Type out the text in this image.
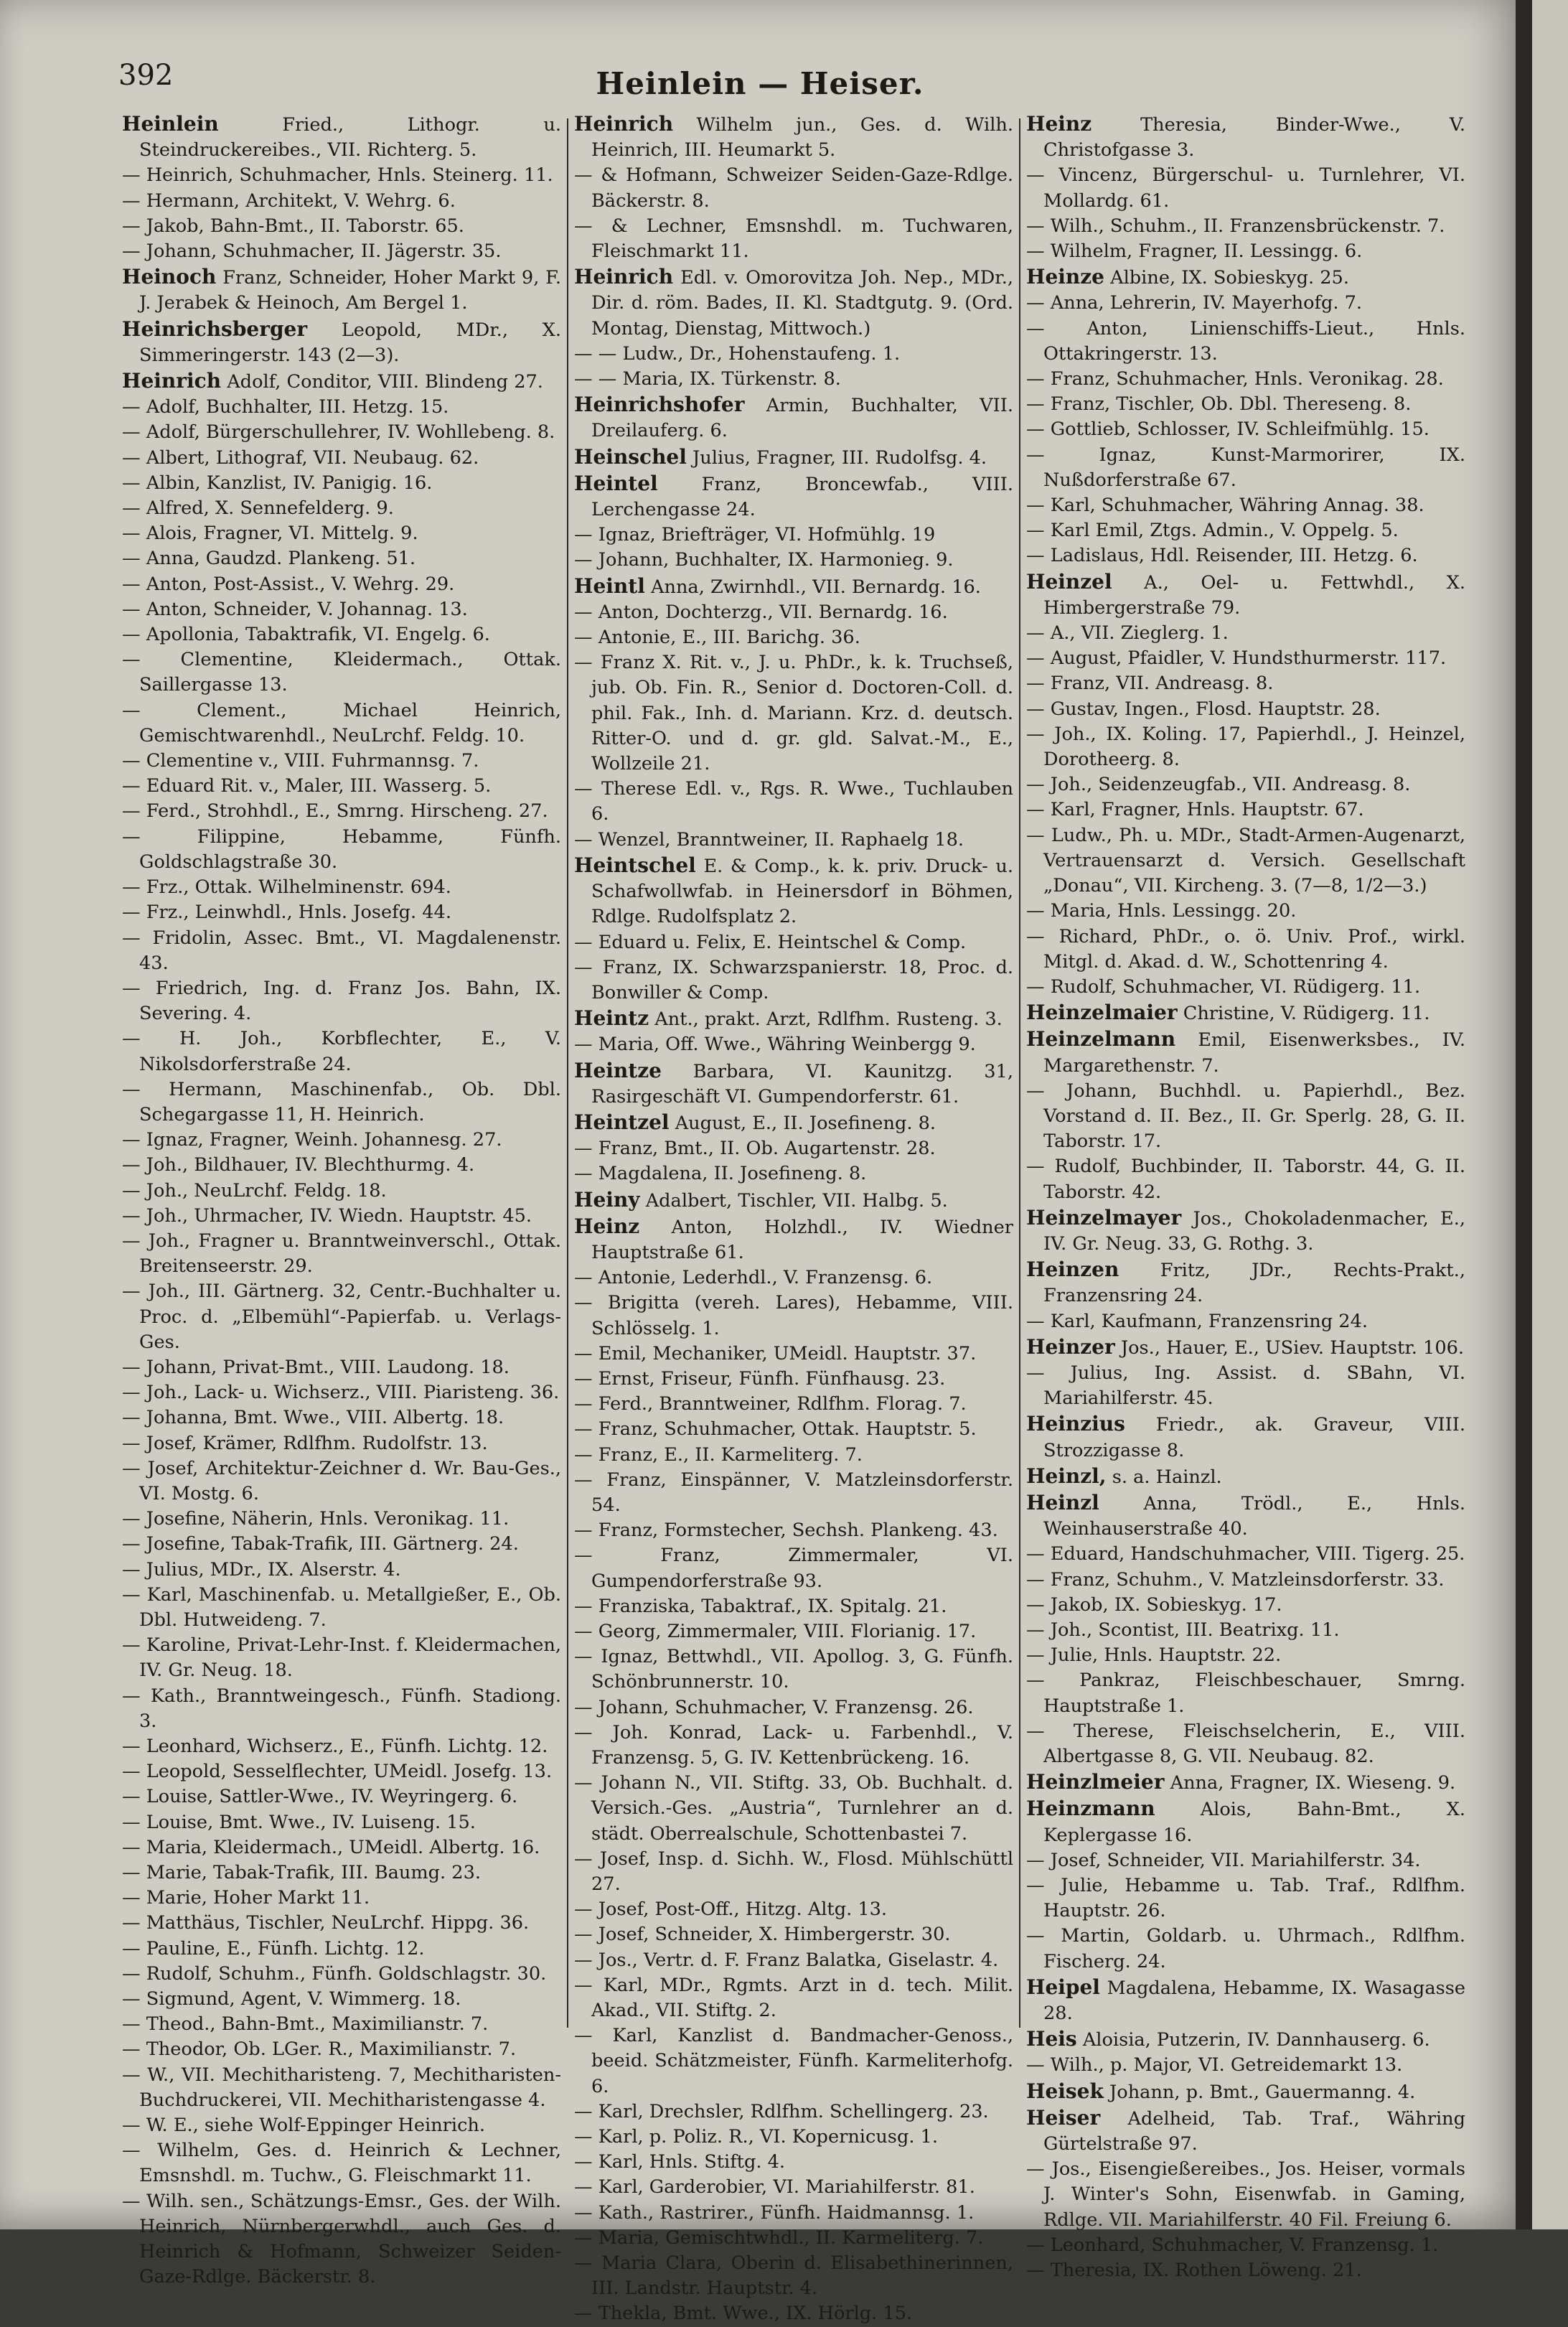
392	Heinlein — Heiser.
Heinlein	Fried., Lithogr. u. Steindruckereibes., VII. Richterg. 5.
— Heinrich, Schuhmacher, Hnls. Steinerg. 11.
— Hermann, Architekt, V. Wehrg. 6.
— Jakob, Bahn-Bmt., II. Taborstr. 65.
— Johann, Schuhmacher, II. Jägerstr. 35.
Heinoch Franz, Schneider, Hoher Markt 9, F. J. Jerabek & Heinoch, Am Bergel 1.
Heinrichsberger Leopold, MDr., X. Simmeringerstr. 143 (2—3).
Heinrich Adolf, Conditor, VIII. Blindeng 27.
— Adolf, Buchhalter, III. Hetzg. 15.
— Adolf, Bürgerschullehrer, IV. Wohllebeng. 8.
— Albert, Lithograf, VII. Neubaug. 62.
— Albin, Kanzlist, IV. Panigig. 16.
— Alfred, X. Sennefelderg. 9.
— Alois, Fragner, VI. Mittelg. 9.
— Anna, Gaudzd. Plankeng. 51.
— Anton, Post-Assist., V. Wehrg. 29.
— Anton, Schneider, V. Johannag. 13.
— Apollonia, Tabaktrafik, VI. Engelg. 6.
— Clementine, Kleidermach., Ottak. Saillergasse 13.
— Clement., Michael Heinrich, Gemischtwarenhdl., NeuLrchf. Feldg. 10.
— Clementine v., VIII. Fuhrmannsg. 7.
— Eduard Rit. v., Maler, III. Wasserg. 5.
— Ferd., Strohhdl., E., Smrng. Hirscheng. 27.
— Filippine, Hebamme, Fünfh. Goldschlagstraße 30.
— Frz., Ottak. Wilhelminenstr. 694.
— Frz., Leinwhdl., Hnls. Josefg. 44.
— Fridolin, Assec. Bmt., VI. Magdalenenstr. 43.
— Friedrich, Ing. d. Franz Jos. Bahn, IX. Severing. 4.
— H. Joh., Korbflechter, E., V. Nikolsdorferstraße 24.
— Hermann, Maschinenfab., Ob. Dbl. Schegargasse 11, H. Heinrich.
— Ignaz, Fragner, Weinh. Johannesg. 27.
— Joh., Bildhauer, IV. Blechthurmg. 4.
— Joh., NeuLrchf. Feldg. 18.
— Joh., Uhrmacher, IV. Wiedn. Hauptstr. 45.
— Joh., Fragner u. Branntweinverschl., Ottak. Breitenseerstr. 29.
— Joh., III. Gärtnerg. 32, Centr.-Buchhalter u. Proc. d. „Elbemühl“-Papierfab. u. Verlags-Ges.
— Johann, Privat-Bmt., VIII. Laudong. 18.
— Joh., Lack- u. Wichserz., VIII. Piaristeng. 36.
— Johanna, Bmt. Wwe., VIII. Albertg. 18.
— Josef, Krämer, Rdlfhm. Rudolfstr. 13.
— Josef, Architektur-Zeichner d. Wr. Bau-Ges., VI. Mostg. 6.
— Josefine, Näherin, Hnls. Veronikag. 11.
— Josefine, Tabak-Trafik, III. Gärtnerg. 24.
— Julius, MDr., IX. Alserstr. 4.
— Karl, Maschinenfab. u. Metallgießer, E., Ob. Dbl. Hutweideng. 7.
— Karoline, Privat-Lehr-Inst. f. Kleidermachen, IV. Gr. Neug. 18.
— Kath., Branntweingesch., Fünfh. Stadiong. 3.
— Leonhard, Wichserz., E., Fünfh. Lichtg. 12.
— Leopold, Sesselflechter, UMeidl. Josefg. 13.
— Louise, Sattler-Wwe., IV. Weyringerg. 6.
— Louise, Bmt. Wwe., IV. Luiseng. 15.
— Maria, Kleidermach., UMeidl. Albertg. 16.
— Marie, Tabak-Trafik, III. Baumg. 23.
— Marie, Hoher Markt 11.
— Matthäus, Tischler, NeuLrchf. Hippg. 36.
— Pauline, E., Fünfh. Lichtg. 12.
— Rudolf, Schuhm., Fünfh. Goldschlagstr. 30.
— Sigmund, Agent, V. Wimmerg. 18.
— Theod., Bahn-Bmt., Maximilianstr. 7.
— Theodor, Ob. LGer. R., Maximilianstr. 7.
— W., VII. Mechitharisteng. 7, Mechitharisten-Buchdruckerei, VII. Mechitharistengasse 4.
— W. E., siehe Wolf-Eppinger Heinrich.
— Wilhelm, Ges. d. Heinrich & Lechner, Emsnshdl. m. Tuchw., G. Fleischmarkt 11.
— Wilh. sen., Schätzungs-Emsr., Ges. der Wilh. Heinrich, Nürnbergerwhdl., auch Ges. d. Heinrich & Hofmann, Schweizer Seiden-Gaze-Rdlge. Bäckerstr. 8.
Heinrich Wilhelm jun., Ges. d. Wilh. Heinrich, III. Heumarkt 5.
— & Hofmann, Schweizer Seiden-Gaze-Rdlge. Bäckerstr. 8.
— & Lechner, Emsnshdl. m. Tuchwaren, Fleischmarkt 11.
Heinrich Edl. v. Omorovitza Joh. Nep., MDr., Dir. d. röm. Bades, II. Kl. Stadtgutg. 9. (Ord. Montag, Dienstag, Mittwoch.)
— — Ludw., Dr., Hohenstaufeng. 1.
— — Maria, IX. Türkenstr. 8.
Heinrichshofer Armin, Buchhalter, VII. Dreilauferg. 6.
Heinschel Julius, Fragner, III. Rudolfsg. 4.
Heintel Franz, Broncewfab., VIII. Lerchengasse 24.
— Ignaz, Briefträger, VI. Hofmühlg. 19
— Johann, Buchhalter, IX. Harmonieg. 9.
Heintl Anna, Zwirnhdl., VII. Bernardg. 16.
— Anton, Dochterzg., VII. Bernardg. 16.
— Antonie, E., III. Barichg. 36.
— Franz X. Rit. v., J. u. PhDr., k. k. Truchseß, jub. Ob. Fin. R., Senior d. Doctoren-Coll. d. phil. Fak., Inh. d. Mariann. Krz. d. deutsch. Ritter-O. und d. gr. gld. Salvat.-M., E., Wollzeile 21.
— Therese Edl. v., Rgs. R. Wwe., Tuchlauben 6.
— Wenzel, Branntweiner, II. Raphaelg 18.
Heintschel E. & Comp., k. k. priv. Druck- u. Schafwollwfab. in Heinersdorf in Böhmen, Rdlge. Rudolfsplatz 2.
— Eduard u. Felix, E. Heintschel & Comp.
— Franz, IX. Schwarzspanierstr. 18, Proc. d. Bonwiller & Comp.
Heintz Ant., prakt. Arzt, Rdlfhm. Rusteng. 3.
— Maria, Off. Wwe., Währing Weinbergg 9.
Heintze Barbara, VI. Kaunitzg. 31, Rasirgeschäft VI. Gumpendorferstr. 61.
Heintzel August, E., II. Josefineng. 8.
— Franz, Bmt., II. Ob. Augartenstr. 28.
— Magdalena, II. Josefineng. 8.
Heiny Adalbert, Tischler, VII. Halbg. 5.
Heinz Anton, Holzhdl., IV. Wiedner Hauptstraße 61.
— Antonie, Lederhdl., V. Franzensg. 6.
— Brigitta (vereh. Lares), Hebamme, VIII. Schlösselg. 1.
— Emil, Mechaniker, UMeidl. Hauptstr. 37.
— Ernst, Friseur, Fünfh. Fünfhausg. 23.
— Ferd., Branntweiner, Rdlfhm. Florag. 7.
— Franz, Schuhmacher, Ottak. Hauptstr. 5.
— Franz, E., II. Karmeliterg. 7.
— Franz, Einspänner, V. Matzleinsdorferstr. 54.
— Franz, Formstecher, Sechsh. Plankeng. 43.
— Franz, Zimmermaler, VI. Gumpendorferstraße 93.
— Franziska, Tabaktraf., IX. Spitalg. 21.
— Georg, Zimmermaler, VIII. Florianig. 17.
— Ignaz, Bettwhdl., VII. Apollog. 3, G. Fünfh. Schönbrunnerstr. 10.
— Johann, Schuhmacher, V. Franzensg. 26.
— Joh. Konrad, Lack- u. Farbenhdl., V. Franzensg. 5, G. IV. Kettenbrückeng. 16.
— Johann N., VII. Stiftg. 33, Ob. Buchhalt. d. Versich.-Ges. „Austria“, Turnlehrer an d. städt. Oberrealschule, Schottenbastei 7.
— Josef, Insp. d. Sichh. W., Flosd. Mühlschüttl 27.
— Josef, Post-Off., Hitzg. Altg. 13.
— Josef, Schneider, X. Himbergerstr. 30.
— Jos., Vertr. d. F. Franz Balatka, Giselastr. 4.
— Karl, MDr., Rgmts. Arzt in d. tech. Milit. Akad., VII. Stiftg. 2.
— Karl, Kanzlist d. Bandmacher-Genoss., beeid. Schätzmeister, Fünfh. Karmeliterhofg. 6.
— Karl, Drechsler, Rdlfhm. Schellingerg. 23.
— Karl, p. Poliz. R., VI. Kopernicusg. 1.
— Karl, Hnls. Stiftg. 4.
— Karl, Garderobier, VI. Mariahilferstr. 81.
— Kath., Rastrirer., Fünfh. Haidmannsg. 1.
— Maria, Gemischtwhdl., II. Karmeliterg. 7.
— Maria Clara, Oberin d. Elisabethinerinnen, III. Landstr. Hauptstr. 4.
— Thekla, Bmt. Wwe., IX. Hörlg. 15.
Heinz	Theresia, Binder-Wwe., V. Christofgasse 3.
— Vincenz, Bürgerschul- u. Turnlehrer, VI. Mollardg. 61.
— Wilh., Schuhm., II. Franzensbrückenstr. 7.
— Wilhelm, Fragner, II. Lessingg. 6.
Heinze Albine, IX. Sobieskyg. 25.
— Anna, Lehrerin, IV. Mayerhofg. 7.
— Anton, Linienschiffs-Lieut., Hnls. Ottakringerstr. 13.
— Franz, Schuhmacher, Hnls. Veronikag. 28.
— Franz, Tischler, Ob. Dbl. Thereseng. 8.
— Gottlieb, Schlosser, IV. Schleifmühlg. 15.
— Ignaz, Kunst-Marmorirer, IX. Nußdorferstraße 67.
— Karl, Schuhmacher, Währing Annag. 38.
— Karl Emil, Ztgs. Admin., V. Oppelg. 5.
— Ladislaus, Hdl. Reisender, III. Hetzg. 6.
Heinzel A., Oel- u. Fettwhdl., X. Himbergerstraße 79.
— A., VII. Zieglerg. 1.
— August, Pfaidler, V. Hundsthurmerstr. 117.
— Franz, VII. Andreasg. 8.
— Gustav, Ingen., Flosd. Hauptstr. 28.
— Joh., IX. Koling. 17, Papierhdl., J. Heinzel, Dorotheerg. 8.
— Joh., Seidenzeugfab., VII. Andreasg. 8.
— Karl, Fragner, Hnls. Hauptstr. 67.
— Ludw., Ph. u. MDr., Stadt-Armen-Augenarzt, Vertrauensarzt d. Versich. Gesellschaft „Donau“, VII. Kircheng. 3. (7—8, 1/2—3.)
— Maria, Hnls. Lessingg. 20.
— Richard, PhDr., o. ö. Univ. Prof., wirkl. Mitgl. d. Akad. d. W., Schottenring 4.
— Rudolf, Schuhmacher, VI. Rüdigerg. 11.
Heinzelmaier Christine, V. Rüdigerg. 11.
Heinzelmann Emil, Eisenwerksbes., IV. Margarethenstr. 7.
— Johann, Buchhdl. u. Papierhdl., Bez. Vorstand d. II. Bez., II. Gr. Sperlg. 28, G. II. Taborstr. 17.
— Rudolf, Buchbinder, II. Taborstr. 44, G. II. Taborstr. 42.
Heinzelmayer Jos., Chokoladenmacher, E., IV. Gr. Neug. 33, G. Rothg. 3.
Heinzen Fritz, JDr., Rechts-Prakt., Franzensring 24.
— Karl, Kaufmann, Franzensring 24.
Heinzer Jos., Hauer, E., USiev. Hauptstr. 106.
— Julius, Ing. Assist. d. SBahn, VI. Mariahilferstr. 45.
Heinzius Friedr., ak. Graveur, VIII. Strozzigasse 8.
Heinzl, s. a. Hainzl.
Heinzl Anna, Trödl., E., Hnls. Weinhauserstraße 40.
— Eduard, Handschuhmacher, VIII. Tigerg. 25.
— Franz, Schuhm., V. Matzleinsdorferstr. 33.
— Jakob, IX. Sobieskyg. 17.
— Joh., Scontist, III. Beatrixg. 11.
— Julie, Hnls. Hauptstr. 22.
— Pankraz, Fleischbeschauer, Smrng. Hauptstraße 1.
— Therese, Fleischselcherin, E., VIII. Albertgasse 8, G. VII. Neubaug. 82.
Heinzlmeier Anna, Fragner, IX. Wieseng. 9.
Heinzmann Alois, Bahn-Bmt., X. Keplergasse 16.
— Josef, Schneider, VII. Mariahilferstr. 34.
— Julie, Hebamme u. Tab. Traf., Rdlfhm. Hauptstr. 26.
— Martin, Goldarb. u. Uhrmach., Rdlfhm. Fischerg. 24.
Heipel Magdalena, Hebamme, IX. Wasagasse 28.
Heis Aloisia, Putzerin, IV. Dannhauserg. 6.
— Wilh., p. Major, VI. Getreidemarkt 13.
Heisek Johann, p. Bmt., Gauermanng. 4.
Heiser Adelheid, Tab. Traf., Währing Gürtelstraße 97.
— Jos., Eisengießereibes., Jos. Heiser, vormals J. Winter's Sohn, Eisenwfab. in Gaming, Rdlge. VII. Mariahilferstr. 40 Fil. Freiung 6.
— Leonhard, Schuhmacher, V. Franzensg. 1.
— Theresia, IX. Rothen Löweng. 21.
